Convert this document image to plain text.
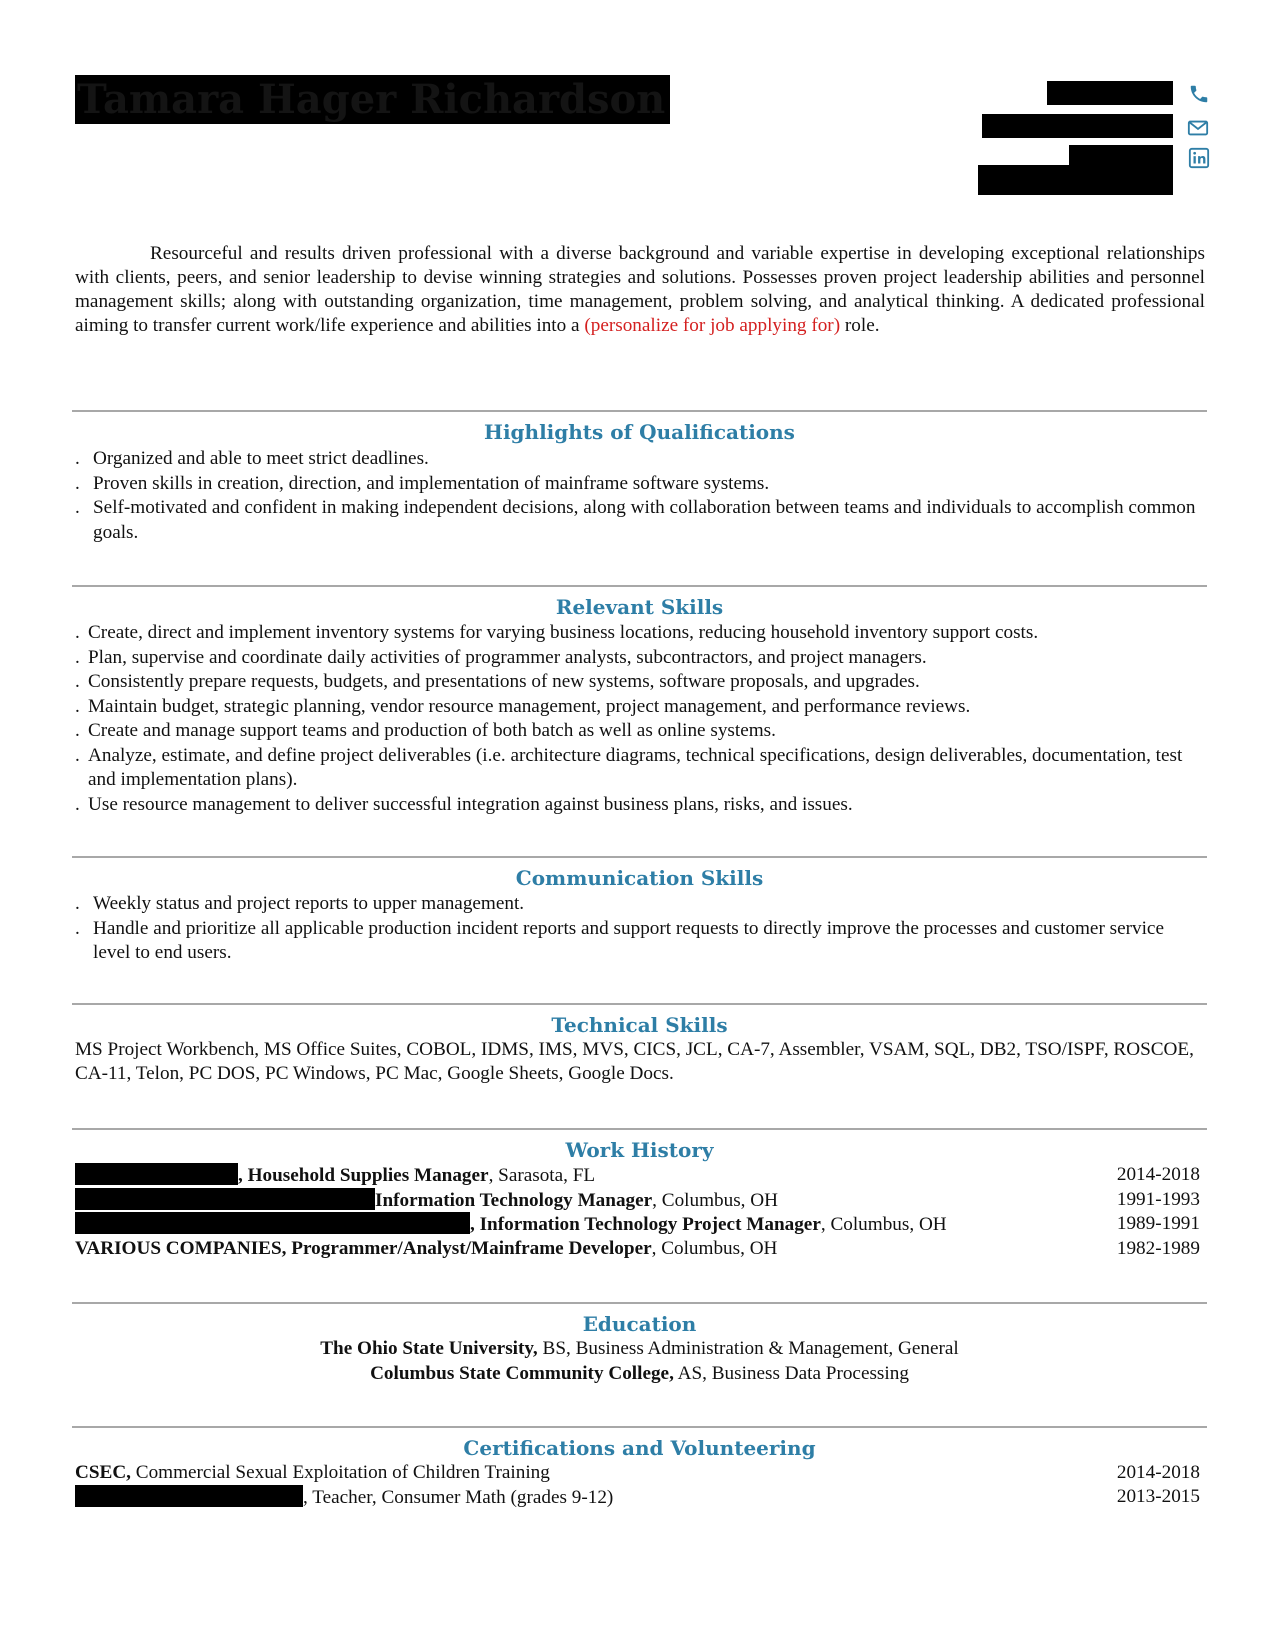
Tamara Hager Richardson

Resourceful and results driven professional with a diverse background and variable expertise in developing exceptional relationships with clients, peers, and senior leadership to devise winning strategies and solutions. Possesses proven project leadership abilities and personnel management skills; along with outstanding organization, time management, problem solving, and analytical thinking. A dedicated professional aiming to transfer current work/life experience and abilities into a (personalize for job applying for) role.

Highlights of Qualifications
. Organized and able to meet strict deadlines.
. Proven skills in creation, direction, and implementation of mainframe software systems.
. Self-motivated and confident in making independent decisions, along with collaboration between teams and individuals to accomplish common goals.
Relevant Skills
. Create, direct and implement inventory systems for varying business locations, reducing household inventory support costs.
. Plan, supervise and coordinate daily activities of programmer analysts, subcontractors, and project managers.
. Consistently prepare requests, budgets, and presentations of new systems, software proposals, and upgrades.
. Maintain budget, strategic planning, vendor resource management, project management, and performance reviews.
. Create and manage support teams and production of both batch as well as online systems.
. Analyze, estimate, and define project deliverables (i.e. architecture diagrams, technical specifications, design deliverables, documentation, test and implementation plans).
. Use resource management to deliver successful integration against business plans, risks, and issues.
Communication Skills
. Weekly status and project reports to upper management.
. Handle and prioritize all applicable production incident reports and support requests to directly improve the processes and customer service level to end users.
Technical Skills
MS Project Workbench, MS Office Suites, COBOL, IDMS, IMS, MVS, CICS, JCL, CA-7, Assembler, VSAM, SQL, DB2, TSO/ISPF, ROSCOE, CA-11, Telon, PC DOS, PC Windows, PC Mac, Google Sheets, Google Docs.
Work History
, Household Supplies Manager, Sarasota, FL	2014-2018
Information Technology Manager, Columbus, OH	1991-1993
, Information Technology Project Manager, Columbus, OH	1989-1991
VARIOUS COMPANIES, Programmer/Analyst/Mainframe Developer, Columbus, OH	1982-1989
Education
The Ohio State University, BS, Business Administration & Management, General
Columbus State Community College, AS, Business Data Processing
Certifications and Volunteering
CSEC, Commercial Sexual Exploitation of Children Training	2014-2018
, Teacher, Consumer Math (grades 9-12)	2013-2015
